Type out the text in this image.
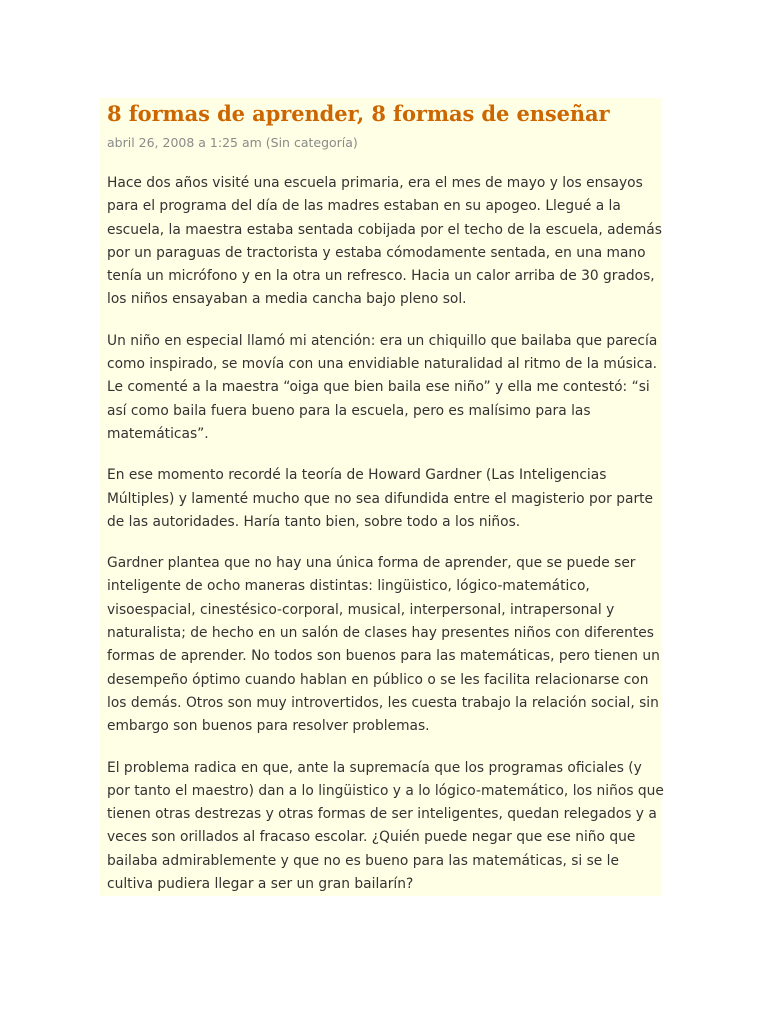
8 formas de aprender, 8 formas de enseñar
abril 26, 2008 a 1:25 am (Sin categoría)

Hace dos años visité una escuela primaria, era el mes de mayo y los ensayos para el programa del día de las madres estaban en su apogeo. Llegué a la escuela, la maestra estaba sentada cobijada por el techo de la escuela, además por un paraguas de tractorista y estaba cómodamente sentada, en una mano tenía un micrófono y en la otra un refresco. Hacia un calor arriba de 30 grados, los niños ensayaban a media cancha bajo pleno sol.

Un niño en especial llamó mi atención: era un chiquillo que bailaba que parecía como inspirado, se movía con una envidiable naturalidad al ritmo de la música. Le comenté a la maestra “oiga que bien baila ese niño” y ella me contestó: “si así como baila fuera bueno para la escuela, pero es malísimo para las matemáticas”.

En ese momento recordé la teoría de Howard Gardner (Las Inteligencias Múltiples) y lamenté mucho que no sea difundida entre el magisterio por parte de las autoridades. Haría tanto bien, sobre todo a los niños.

Gardner plantea que no hay una única forma de aprender, que se puede ser inteligente de ocho maneras distintas: lingüistico, lógico-matemático, visoespacial, cinestésico-corporal, musical, interpersonal, intrapersonal y naturalista; de hecho en un salón de clases hay presentes niños con diferentes formas de aprender. No todos son buenos para las matemáticas, pero tienen un desempeño óptimo cuando hablan en público o se les facilita relacionarse con los demás. Otros son muy introvertidos, les cuesta trabajo la relación social, sin embargo son buenos para resolver problemas.

El problema radica en que, ante la supremacía que los programas oficiales (y por tanto el maestro) dan a lo lingüistico y a lo lógico-matemático, los niños que tienen otras destrezas y otras formas de ser inteligentes, quedan relegados y a veces son orillados al fracaso escolar. ¿Quién puede negar que ese niño que bailaba admirablemente y que no es bueno para las matemáticas, si se le cultiva pudiera llegar a ser un gran bailarín?
